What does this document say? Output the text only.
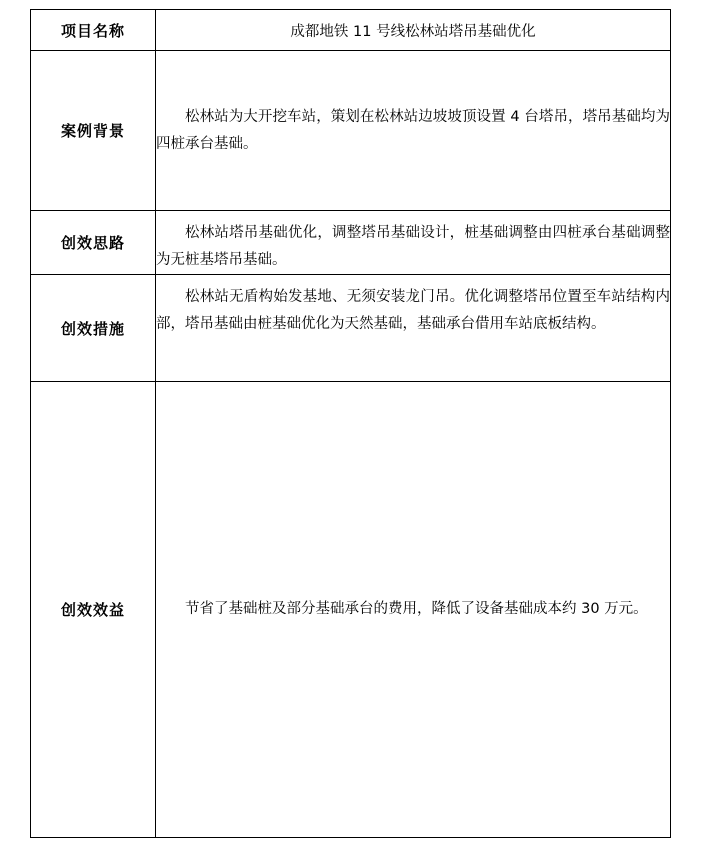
项目名称	成都地铁 11 号线松林站塔吊基础优化
案例背景	松林站为大开挖车站，策划在松林站边坡坡顶设置 4 台塔吊，塔吊基础均为四桩承台基础。
创效思路	松林站塔吊基础优化，调整塔吊基础设计，桩基础调整由四桩承台基础调整为无桩基塔吊基础。
创效措施	松林站无盾构始发基地、无须安装龙门吊。优化调整塔吊位置至车站结构内部，塔吊基础由桩基础优化为天然基础，基础承台借用车站底板结构。
创效效益	节省了基础桩及部分基础承台的费用，降低了设备基础成本约 30 万元。
